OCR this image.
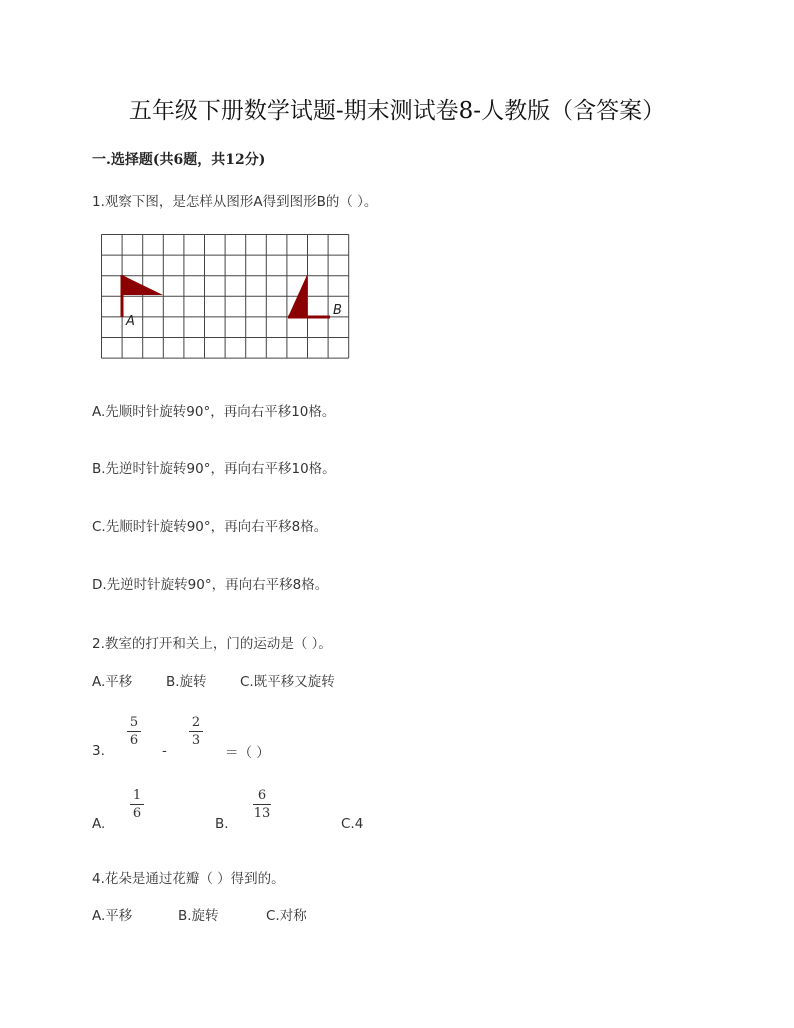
五年级下册数学试题-期末测试卷8-人教版（含答案）
一.选择题(共6题，共12分)
1.观察下图，是怎样从图形A得到图形B的（ ）。
A
B
A.先顺时针旋转90°，再向右平移10格。
B.先逆时针旋转90°，再向右平移10格。
C.先顺时针旋转90°，再向右平移8格。
D.先逆时针旋转90°，再向右平移8格。
2.教室的打开和关上，门的运动是（ ）。
A.平移 B.旋转 C.既平移又旋转
3.
5
6
-
2
3
＝（ ）
A.
1
6
B.
6
13
C.4
4.花朵是通过花瓣（ ）得到的。
A.平移	B.旋转	C.对称
